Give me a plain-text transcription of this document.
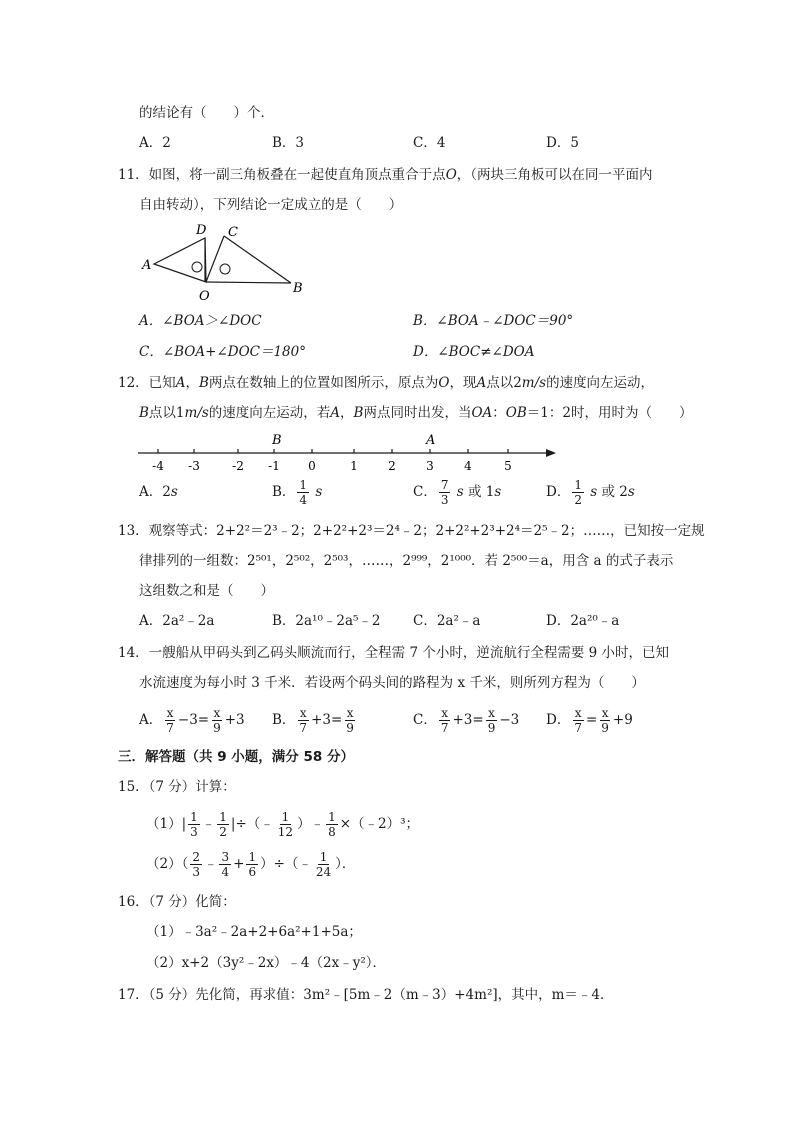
的结论有（　　）个．
A．2	B．3	C．4	D．5
11．如图，将一副三角板叠在一起使直角顶点重合于点O，（两块三角板可以在同一平面内
自由转动），下列结论一定成立的是（　　）
A
B
C
D
O
A．∠BOA＞∠DOC	B．∠BOA﹣∠DOC＝90°
C．∠BOA+∠DOC＝180°	D．∠BOC≠∠DOA
12．已知A，B两点在数轴上的位置如图所示，原点为O，现A点以2m/s的速度向左运动，
B点以1m/s的速度向左运动，若A，B两点同时出发，当OA：OB＝1：2时，用时为（　　）
-4 -3	-2 -1 0	1	2	3	4	5
B	A
A．2s	B． $\frac{1}{4}$ s	C． $\frac{7}{3}$ s 或 1s	D． $\frac{1}{2}$ s 或 2s
13．观察等式：2+2²＝2³﹣2；2+2²+2³＝2⁴﹣2；2+2²+2³+2⁴＝2⁵﹣2；……，已知按一定规
律排列的一组数：2⁵⁰¹，2⁵⁰²，2⁵⁰³，……，2⁹⁹⁹，2¹⁰⁰⁰．若 2⁵⁰⁰＝a，用含 a 的式子表示
这组数之和是（　　）
A．2a²﹣2a	B．2a¹⁰﹣2a⁵﹣2 C．2a²﹣a	D．2a²⁰﹣a
14．一艘船从甲码头到乙码头顺流而行，全程需 7 个小时，逆流航行全程需要 9 小时，已知
水流速度为每小时 3 千米．若设两个码头间的路程为 x 千米，则所列方程为（　　）
A． $\frac{x}{7} -3= \frac{x}{9} +3$ B． $\frac{x}{7} +3= \frac{x}{9}$	C． $\frac{x}{7} +3= \frac{x}{9} -3$ D． $\frac{x}{7} = \frac{x}{9} +9$
三．解答题（共 9 小题，满分 58 分）
15．（7 分）计算：
$(1)| \frac{1}{3}$ ﹣ $\frac{1}{2}$ |÷（﹣ $\frac{1}{12}$ ）﹣ $\frac{1}{8}$ ×（﹣2）³；
$(2)( \frac{2}{3}$ ﹣ $\frac{3}{4} + \frac{1}{6}$ ）÷（﹣ $\frac{1}{24}$ ）．
16．（7 分）化简：
（1）﹣3a²﹣2a+2+6a²+1+5a；
（2）x+2（3y²﹣2x）﹣4（2x﹣y²）．
17．（5 分）先化简，再求值：3m²﹣[5m﹣2（m﹣3）+4m²]，其中，m＝﹣4．
